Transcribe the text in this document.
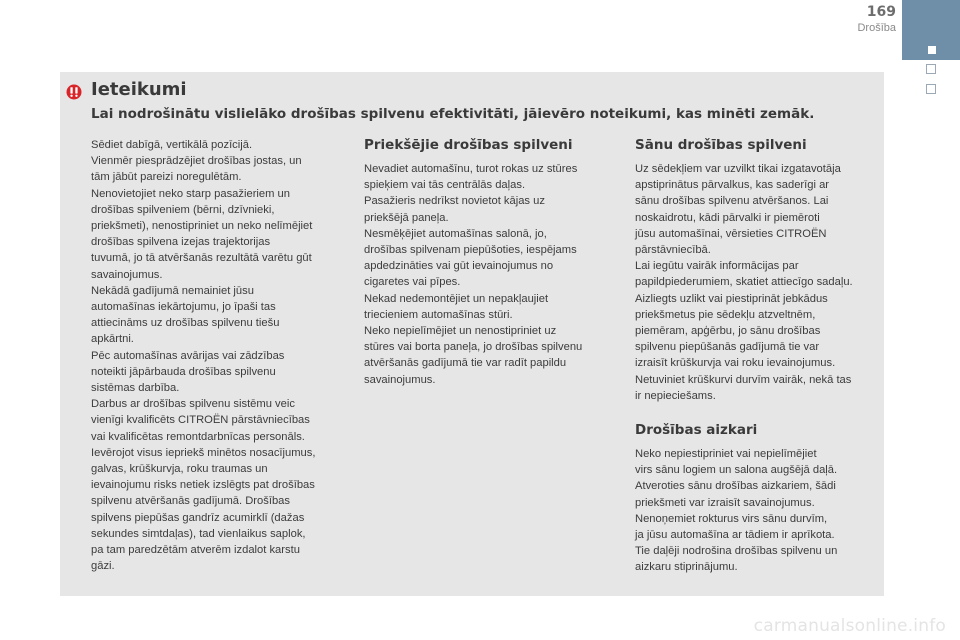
169
Drošība
Ieteikumi
Lai nodrošinātu vislielāko drošības spilvenu efektivitāti, jāievēro noteikumi, kas minēti zemāk.

Sēdiet dabīgā, vertikālā pozīcijā.
Vienmēr piesprādzējiet drošības jostas, un
tām jābūt pareizi noregulētām.
Nenovietojiet neko starp pasažieriem un
drošības spilveniem (bērni, dzīvnieki,
priekšmeti), nenostipriniet un neko nelīmējiet
drošības spilvena izejas trajektorijas
tuvumā, jo tā atvēršanās rezultātā varētu gūt
savainojumus.
Nekādā gadījumā nemainiet jūsu
automašīnas iekārtojumu, jo īpaši tas
attiecināms uz drošības spilvenu tiešu
apkārtni.
Pēc automašīnas avārijas vai zādzības
noteikti jāpārbauda drošības spilvenu
sistēmas darbība.
Darbus ar drošības spilvenu sistēmu veic
vienīgi kvalificēts CITROËN pārstāvniecības
vai kvalificētas remontdarbnīcas personāls.
Ievērojot visus iepriekš minētos nosacījumus,
galvas, krūškurvja, roku traumas un
ievainojumu risks netiek izslēgts pat drošības
spilvenu atvēršanās gadījumā. Drošības
spilvens piepūšas gandrīz acumirklī (dažas
sekundes simtdaļas), tad vienlaikus saplok,
pa tam paredzētām atverēm izdalot karstu
gāzi.

Priekšējie drošības spilveni

Nevadiet automašīnu, turot rokas uz stūres
spieķiem vai tās centrālās daļas.
Pasažieris nedrīkst novietot kājas uz
priekšējā paneļa.
Nesmēķējiet automašīnas salonā, jo,
drošības spilvenam piepūšoties, iespējams
apdedzināties vai gūt ievainojumus no
cigaretes vai pīpes.
Nekad nedemontējiet un nepakļaujiet
triecieniem automašīnas stūri.
Neko nepielīmējiet un nenostipriniet uz
stūres vai borta paneļa, jo drošības spilvenu
atvēršanās gadījumā tie var radīt papildu
savainojumus.

Sānu drošības spilveni

Uz sēdekļiem var uzvilkt tikai izgatavotāja
apstiprinātus pārvalkus, kas saderīgi ar
sānu drošības spilvenu atvēršanos. Lai
noskaidrotu, kādi pārvalki ir piemēroti
jūsu automašīnai, vērsieties CITROËN
pārstāvniecībā.
Lai iegūtu vairāk informācijas par
papildpiederumiem, skatiet attiecīgo sadaļu.
Aizliegts uzlikt vai piestiprināt jebkādus
priekšmetus pie sēdekļu atzveltnēm,
piemēram, apģērbu, jo sānu drošības
spilvenu piepūšanās gadījumā tie var
izraisīt krūškurvja vai roku ievainojumus.
Netuviniet krūškurvi durvīm vairāk, nekā tas
ir nepieciešams.

Drošības aizkari

Neko nepiestipriniet vai nepielīmējiet
virs sānu logiem un salona augšējā daļā.
Atveroties sānu drošības aizkariem, šādi
priekšmeti var izraisīt savainojumus.
Nenoņemiet rokturus virs sānu durvīm,
ja jūsu automašīna ar tādiem ir aprīkota.
Tie daļēji nodrošina drošības spilvenu un
aizkaru stiprinājumu.

carmanualsonline.info
